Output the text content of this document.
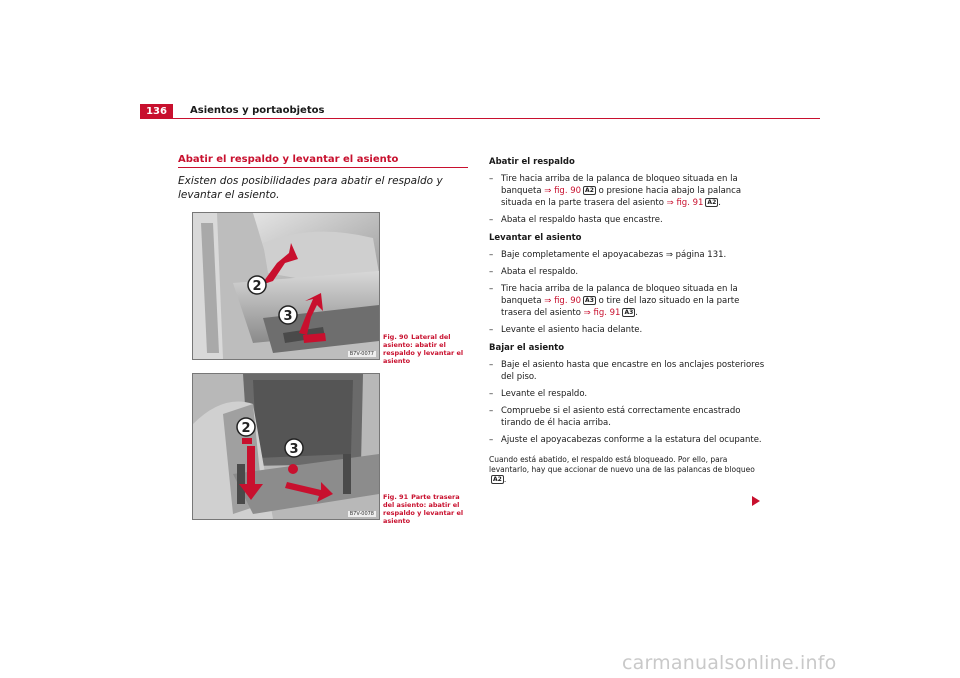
136	Asientos y portaobjetos
Abatir el respaldo y levantar el asiento
Existen dos posibilidades para abatir el respaldo y levantar el asiento.
2
3
B7V-0077
Fig. 90 Lateral del asiento: abatir el respaldo y levantar el asiento
2
3
B7V-0078
Fig. 91 Parte trasera del asiento: abatir el respaldo y levantar el asiento
Abatir el respaldo
– Tire hacia arriba de la palanca de bloqueo situada en la banqueta ⇒ fig. 90 A2 o presione hacia abajo la palanca situada en la parte trasera del asiento ⇒ fig. 91 A2 .
– Abata el respaldo hasta que encastre.
Levantar el asiento
– Baje completamente el apoyacabezas ⇒ página 131.
– Abata el respaldo.
– Tire hacia arriba de la palanca de bloqueo situada en la banqueta ⇒ fig. 90 A3 o tire del lazo situado en la parte trasera del asiento ⇒ fig. 91 A3 .
– Levante el asiento hacia delante.
Bajar el asiento
– Baje el asiento hasta que encastre en los anclajes posteriores del piso.
– Levante el respaldo.
– Compruebe si el asiento está correctamente encastrado tirando de él hacia arriba.
– Ajuste el apoyacabezas conforme a la estatura del ocupante.
Cuando está abatido, el respaldo está bloqueado. Por ello, para levantarlo, hay que accionar de nuevo una de las palancas de bloqueo A2 .
carmanualsonline.info
